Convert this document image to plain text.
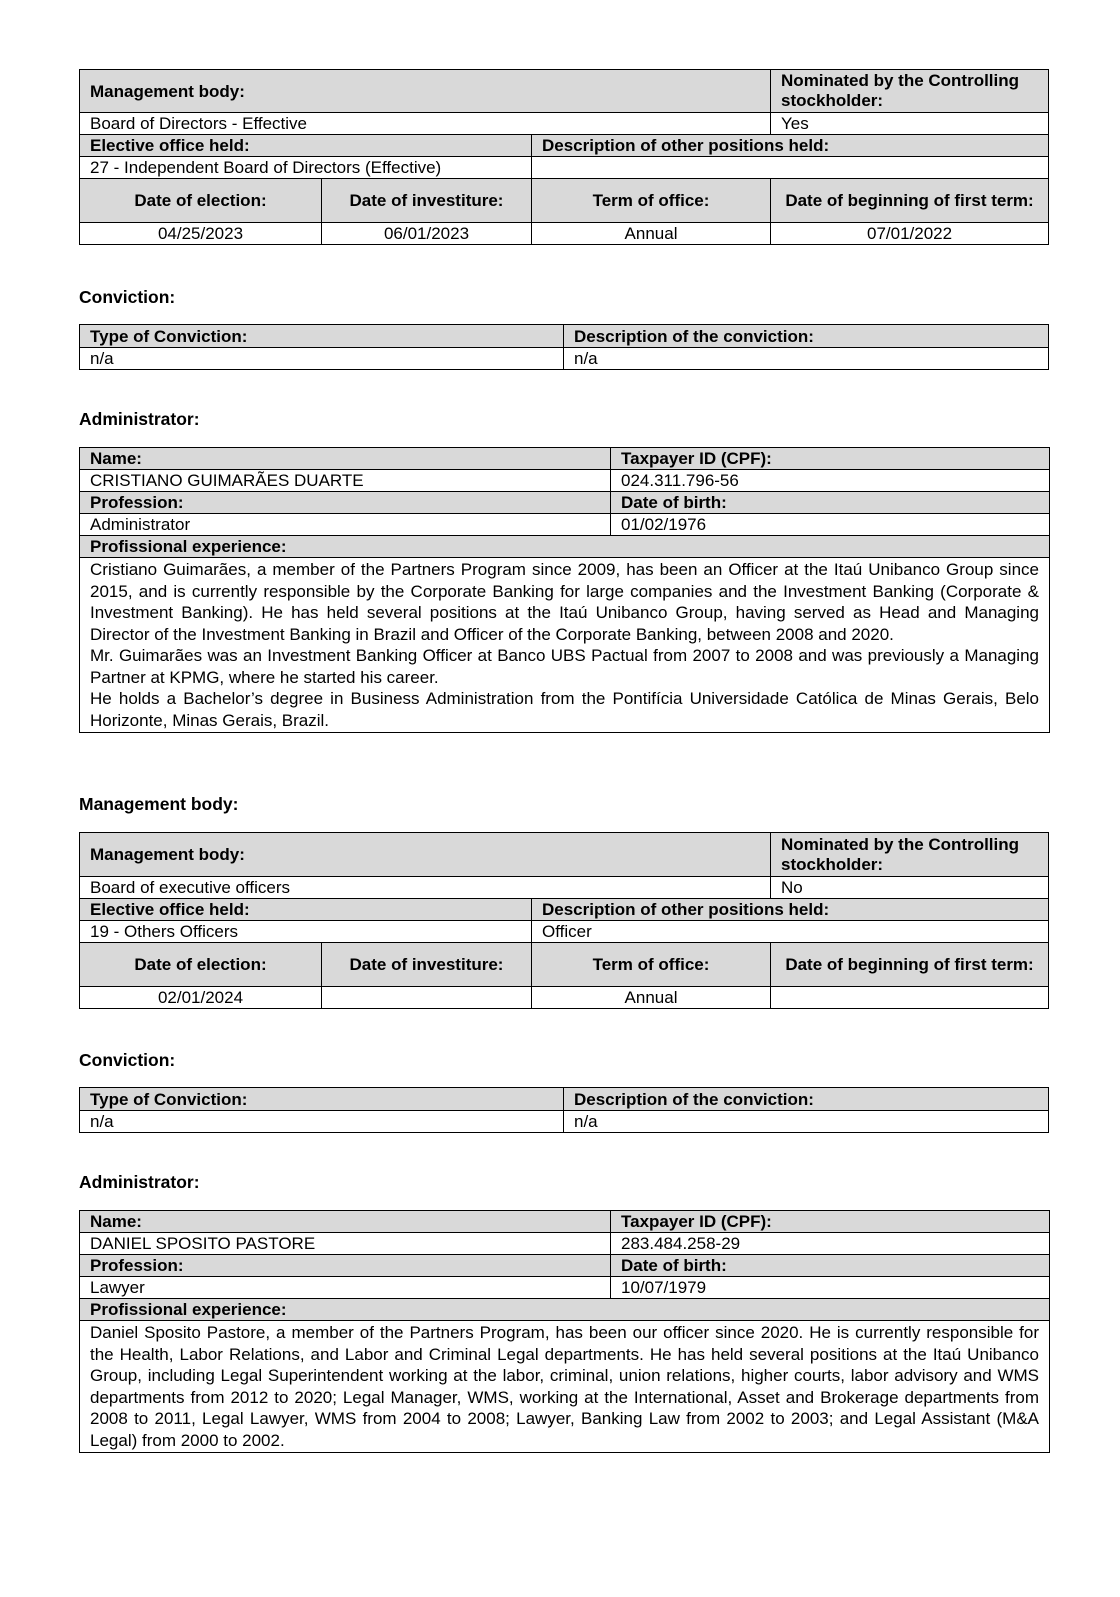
Management body:			Nominated by the Controlling stockholder:
Board of Directors - Effective			Yes
Elective office held:		Description of other positions held:	
27 - Independent Board of Directors (Effective)			
Date of election:	Date of investiture:	Term of office:	Date of beginning of first term:
04/25/2023	06/01/2023	Annual	07/01/2022
Conviction:
Type of Conviction:	Description of the conviction:
n/a	n/a
Administrator:
Name:	Taxpayer ID (CPF):
CRISTIANO GUIMARÃES DUARTE	024.311.796-56
Profession:	Date of birth:
Administrator	01/02/1976
Profissional experience:	

Cristiano Guimarães, a member of the Partners Program since 2009, has been an Officer at the Itaú Unibanco Group since 2015, and is currently responsible by the Corporate Banking for large companies and the Investment Banking (Corporate & Investment Banking). He has held several positions at the Itaú Unibanco Group, having served as Head and Managing Director of the Investment Banking in Brazil and Officer of the Corporate Banking, between 2008 and 2020.
Mr. Guimarães was an Investment Banking Officer at Banco UBS Pactual from 2007 to 2008 and was previously a Managing Partner at KPMG, where he started his career.
He holds a Bachelor’s degree in Business Administration from the Pontifícia Universidade Católica de Minas Gerais, Belo Horizonte, Minas Gerais, Brazil.	
Management body:
Management body:			Nominated by the Controlling stockholder:
Board of executive officers			No
Elective office held:		Description of other positions held:	
19 - Others Officers		Officer	
Date of election:	Date of investiture:	Term of office:	Date of beginning of first term:
02/01/2024		Annual	
Conviction:
Type of Conviction:	Description of the conviction:
n/a	n/a
Administrator:
Name:	Taxpayer ID (CPF):
DANIEL SPOSITO PASTORE	283.484.258-29
Profession:	Date of birth:
Lawyer	10/07/1979
Profissional experience:	

Daniel Sposito Pastore, a member of the Partners Program, has been our officer since 2020. He is currently responsible for the Health, Labor Relations, and Labor and Criminal Legal departments. He has held several positions at the Itaú Unibanco Group, including Legal Superintendent working at the labor, criminal, union relations, higher courts, labor advisory and WMS departments from 2012 to 2020; Legal Manager, WMS, working at the International, Asset and Brokerage departments from 2008 to 2011, Legal Lawyer, WMS from 2004 to 2008; Lawyer, Banking Law from 2002 to 2003; and Legal Assistant (M&A Legal) from 2000 to 2002.	
